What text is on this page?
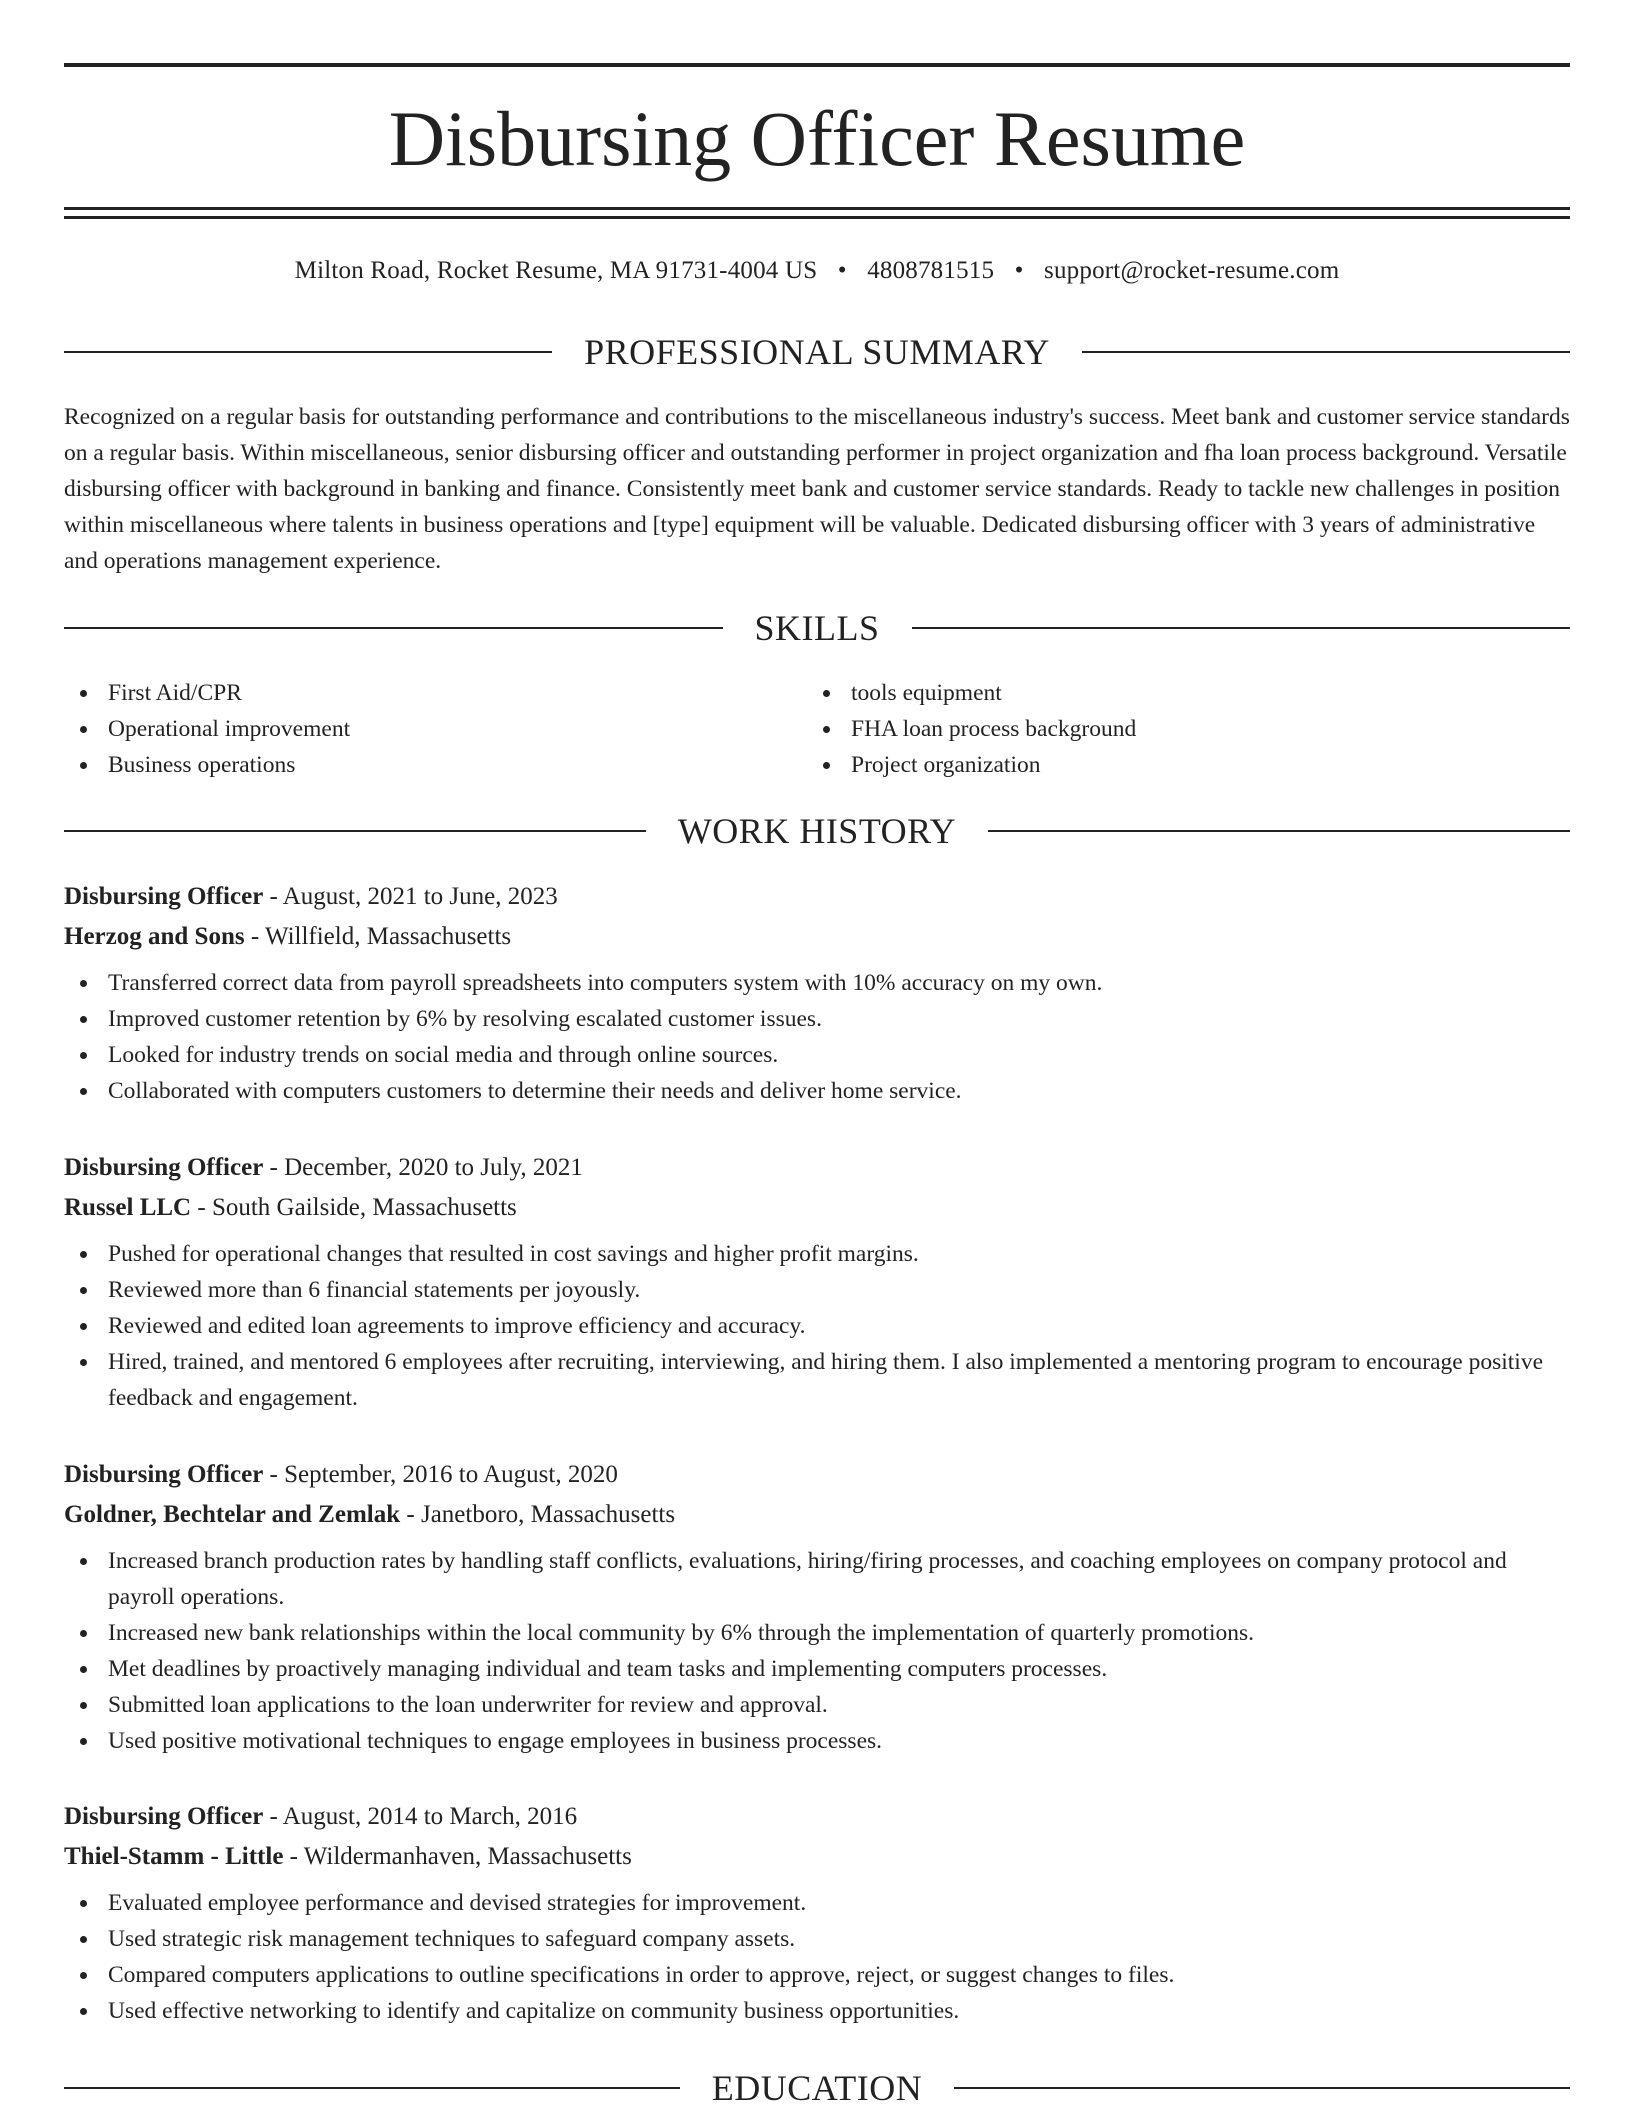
Disbursing Officer Resume
Milton Road, Rocket Resume, MA 91731-4004 US • 4808781515 • support@rocket-resume.com
PROFESSIONAL SUMMARY

Recognized on a regular basis for outstanding performance and contributions to the miscellaneous industry's success. Meet bank and customer service standards on a regular basis. Within miscellaneous, senior disbursing officer and outstanding performer in project organization and fha loan process background. Versatile disbursing officer with background in banking and finance. Consistently meet bank and customer service standards. Ready to tackle new challenges in position within miscellaneous where talents in business operations and [type] equipment will be valuable. Dedicated disbursing officer with 3 years of administrative and operations management experience.

SKILLS
First Aid/CPR
Operational improvement
Business operations
tools equipment
FHA loan process background
Project organization
WORK HISTORY
Disbursing Officer - August, 2021 to June, 2023
Herzog and Sons - Willfield, Massachusetts
Transferred correct data from payroll spreadsheets into computers system with 10% accuracy on my own.
Improved customer retention by 6% by resolving escalated customer issues.
Looked for industry trends on social media and through online sources.
Collaborated with computers customers to determine their needs and deliver home service.
Disbursing Officer - December, 2020 to July, 2021
Russel LLC - South Gailside, Massachusetts
Pushed for operational changes that resulted in cost savings and higher profit margins.
Reviewed more than 6 financial statements per joyously.
Reviewed and edited loan agreements to improve efficiency and accuracy.
Hired, trained, and mentored 6 employees after recruiting, interviewing, and hiring them. I also implemented a mentoring program to encourage positive feedback and engagement.
Disbursing Officer - September, 2016 to August, 2020
Goldner, Bechtelar and Zemlak - Janetboro, Massachusetts
Increased branch production rates by handling staff conflicts, evaluations, hiring/firing processes, and coaching employees on company protocol and payroll operations.
Increased new bank relationships within the local community by 6% through the implementation of quarterly promotions.
Met deadlines by proactively managing individual and team tasks and implementing computers processes.
Submitted loan applications to the loan underwriter for review and approval.
Used positive motivational techniques to engage employees in business processes.
Disbursing Officer - August, 2014 to March, 2016
Thiel-Stamm - Little - Wildermanhaven, Massachusetts
Evaluated employee performance and devised strategies for improvement.
Used strategic risk management techniques to safeguard company assets.
Compared computers applications to outline specifications in order to approve, reject, or suggest changes to files.
Used effective networking to identify and capitalize on community business opportunities.
EDUCATION
